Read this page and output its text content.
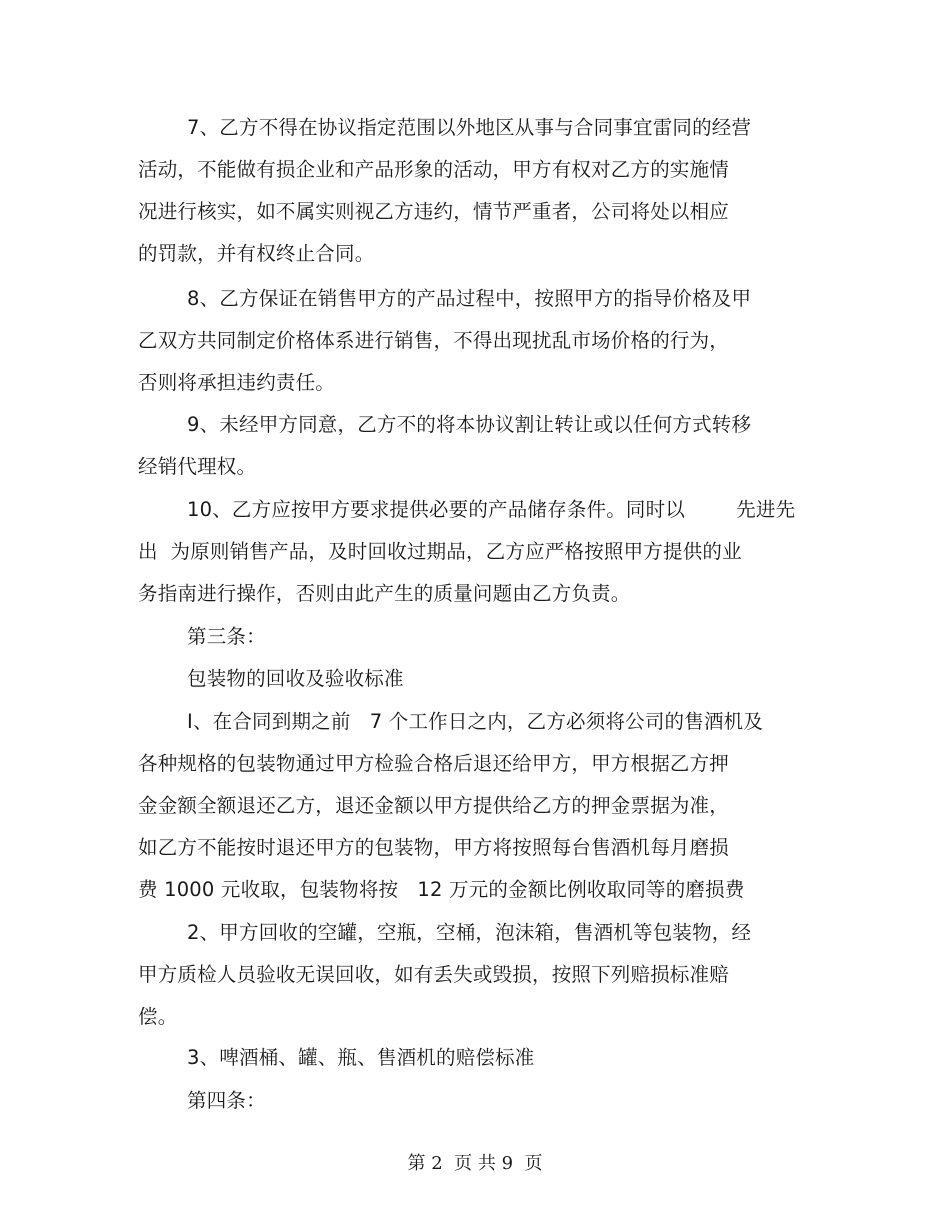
7、乙方不得在协议指定范围以外地区从事与合同事宜雷同的经营
活动，不能做有损企业和产品形象的活动，甲方有权对乙方的实施情
况进行核实，如不属实则视乙方违约，情节严重者，公司将处以相应
的罚款，并有权终止合同。
8、乙方保证在销售甲方的产品过程中，按照甲方的指导价格及甲
乙双方共同制定价格体系进行销售，不得出现扰乱市场价格的行为，
否则将承担违约责任。
9、未经甲方同意，乙方不的将本协议割让转让或以任何方式转移
经销代理权。
10、乙方应按甲方要求提供必要的产品储存条件。同时以        先进先
出  为原则销售产品，及时回收过期品，乙方应严格按照甲方提供的业
务指南进行操作，否则由此产生的质量问题由乙方负责。
第三条：
包装物的回收及验收标准
I、在合同到期之前   7 个工作日之内，乙方必须将公司的售酒机及
各种规格的包装物通过甲方检验合格后退还给甲方，甲方根据乙方押
金金额全额退还乙方，退还金额以甲方提供给乙方的押金票据为准，
如乙方不能按时退还甲方的包装物，甲方将按照每台售酒机每月磨损
费 1000 元收取，包装物将按   12 万元的金额比例收取同等的磨损费
2、甲方回收的空罐，空瓶，空桶，泡沫箱，售酒机等包装物，经
甲方质检人员验收无误回收，如有丢失或毁损，按照下列赔损标准赔
偿。
3、啤酒桶、罐、瓶、售酒机的赔偿标准
第四条：
第 2  页 共 9  页
